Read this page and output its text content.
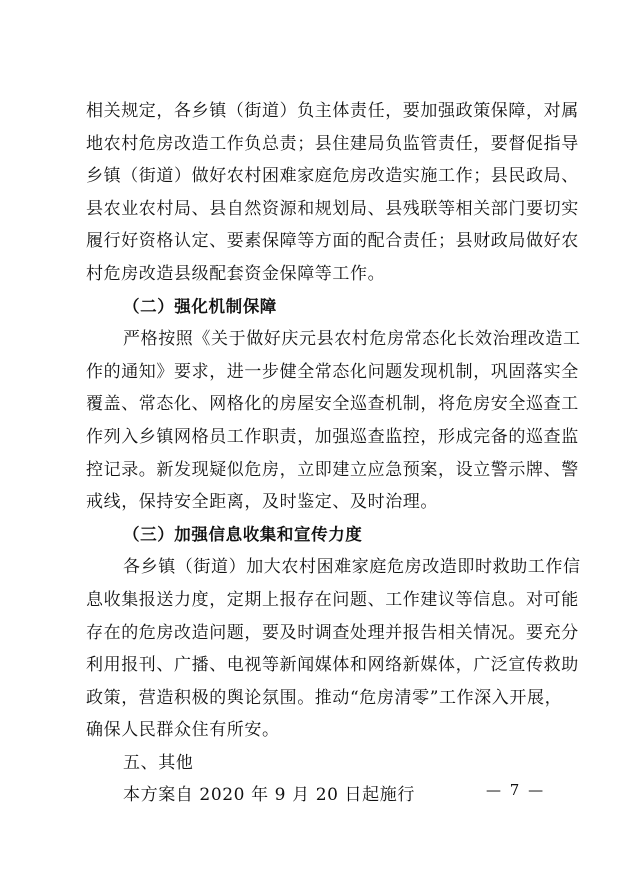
相关规定，各乡镇（街道）负主体责任，要加强政策保障，对属
地农村危房改造工作负总责；县住建局负监管责任，要督促指导
乡镇（街道）做好农村困难家庭危房改造实施工作；县民政局、
县农业农村局、县自然资源和规划局、县残联等相关部门要切实
履行好资格认定、要素保障等方面的配合责任；县财政局做好农
村危房改造县级配套资金保障等工作。
（二）强化机制保障
严格按照《关于做好庆元县农村危房常态化长效治理改造工
作的通知》要求，进一步健全常态化问题发现机制，巩固落实全
覆盖、常态化、网格化的房屋安全巡查机制，将危房安全巡查工
作列入乡镇网格员工作职责，加强巡查监控，形成完备的巡查监
控记录。新发现疑似危房，立即建立应急预案，设立警示牌、警
戒线，保持安全距离，及时鉴定、及时治理。
（三）加强信息收集和宣传力度
各乡镇（街道）加大农村困难家庭危房改造即时救助工作信
息收集报送力度，定期上报存在问题、工作建议等信息。对可能
存在的危房改造问题，要及时调查处理并报告相关情况。要充分
利用报刊、广播、电视等新闻媒体和网络新媒体，广泛宣传救助
政策，营造积极的舆论氛围。推动“危房清零”工作深入开展，
确保人民群众住有所安。
五、其他
本方案自 2020 年 9 月 20 日起施行	— 7 —
